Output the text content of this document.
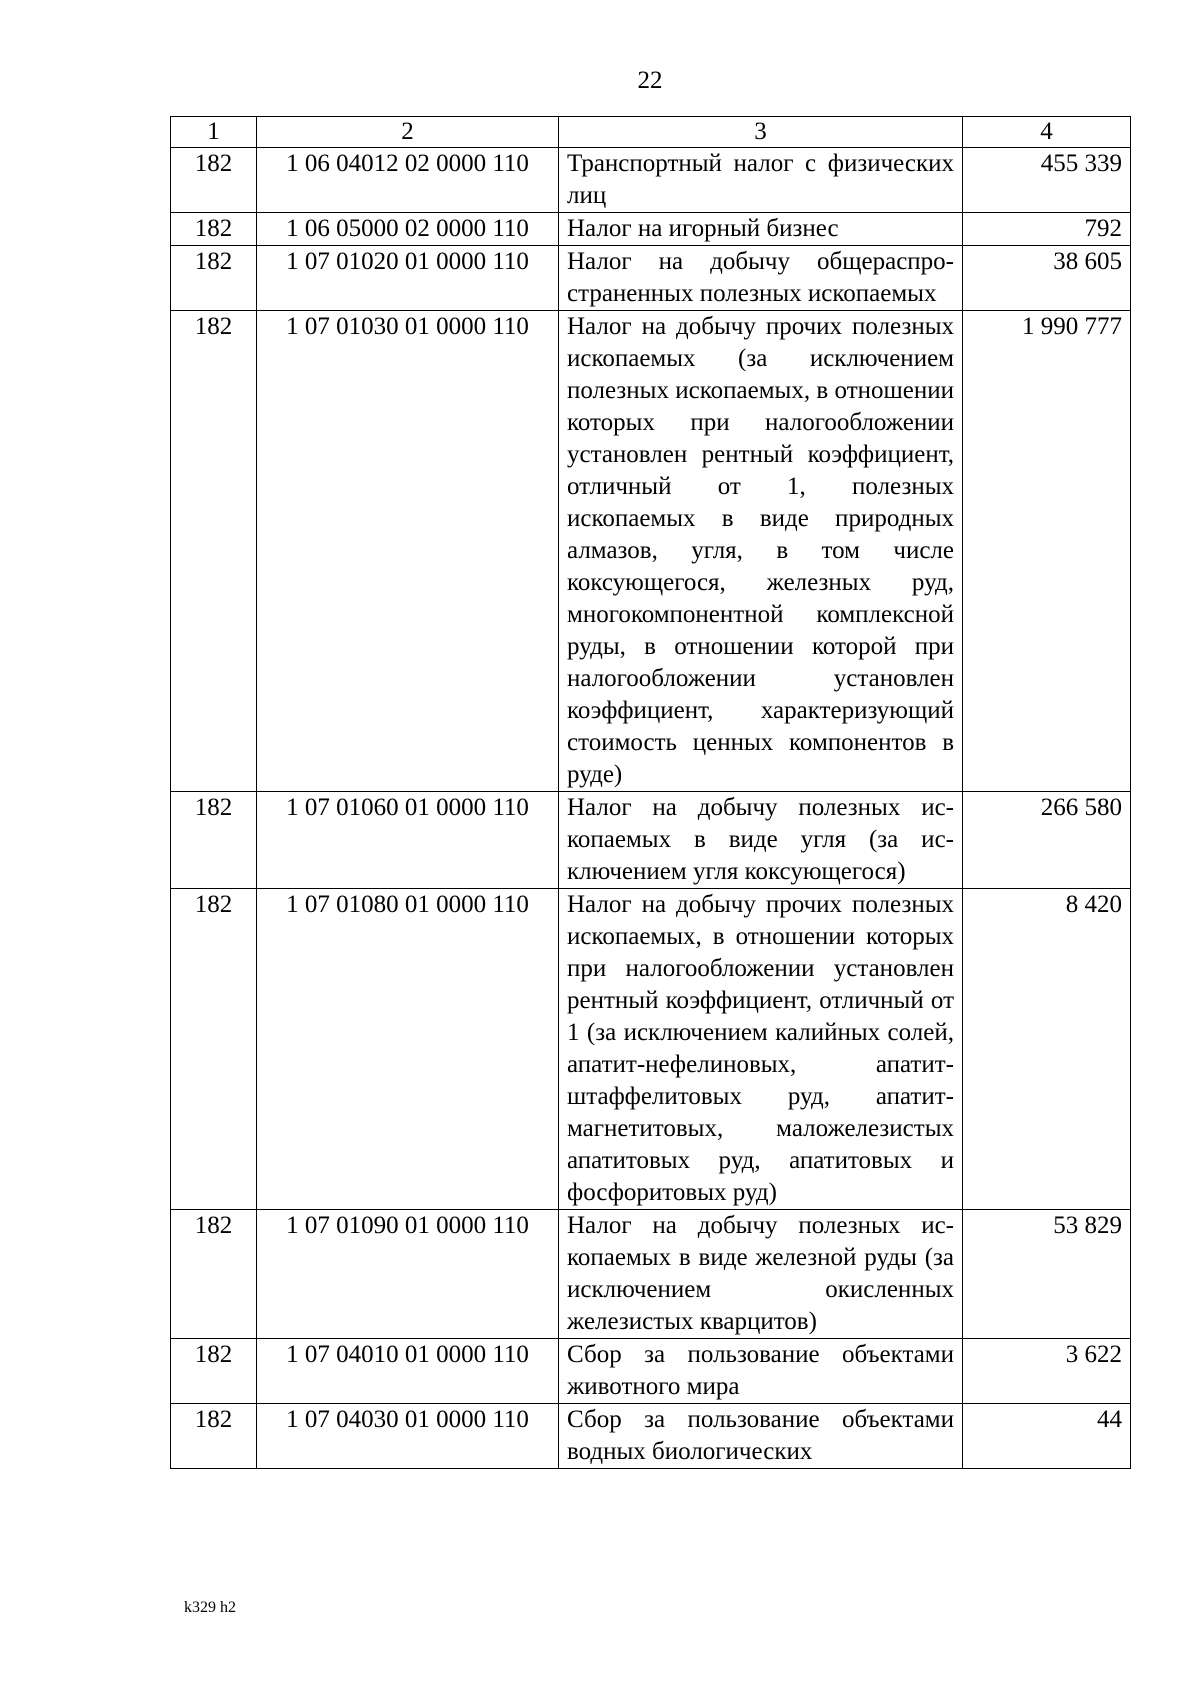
22
1	2	3	4
182	1 06 04012 02 0000 110	Транспортный налог с физических лиц	455 339
182	1 06 05000 02 0000 110	Налог на игорный бизнес	792
182	1 07 01020 01 0000 110	Налог на добычу общераспространенных полезных ископаемых	38 605
182	1 07 01030 01 0000 110	Налог на добычу прочих полезных ископаемых (за исключением полезных ископаемых, в отношении которых при налогообложении установлен рентный коэффициент, отличный от 1, полезных ископаемых в виде природных алмазов, угля, в том числе коксующегося, железных руд, многокомпонентной комплексной руды, в отношении которой при налогообложении установлен коэффициент, характеризующий стоимость ценных компонентов в руде)	1 990 777
182	1 07 01060 01 0000 110	Налог на добычу полезных ископаемых в виде угля (за исключением угля коксующегося)	266 580
182	1 07 01080 01 0000 110	Налог на добычу прочих полезных ископаемых, в отношении которых при налогообложении установлен рентный коэффициент, отличный от 1 (за исключением калийных солей, апатит-нефелиновых, апатит-штаффелитовых руд, апатит-магнетитовых, маложелезистых апатитовых руд, апатитовых и фосфоритовых руд)	8 420
182	1 07 01090 01 0000 110	Налог на добычу полезных ископаемых в виде железной руды (за исключением окисленных железистых кварцитов)	53 829
182	1 07 04010 01 0000 110	Сбор за пользование объектами животного мира	3 622
182	1 07 04030 01 0000 110	Сбор за пользование объектами водных биологических	44
k329 h2
